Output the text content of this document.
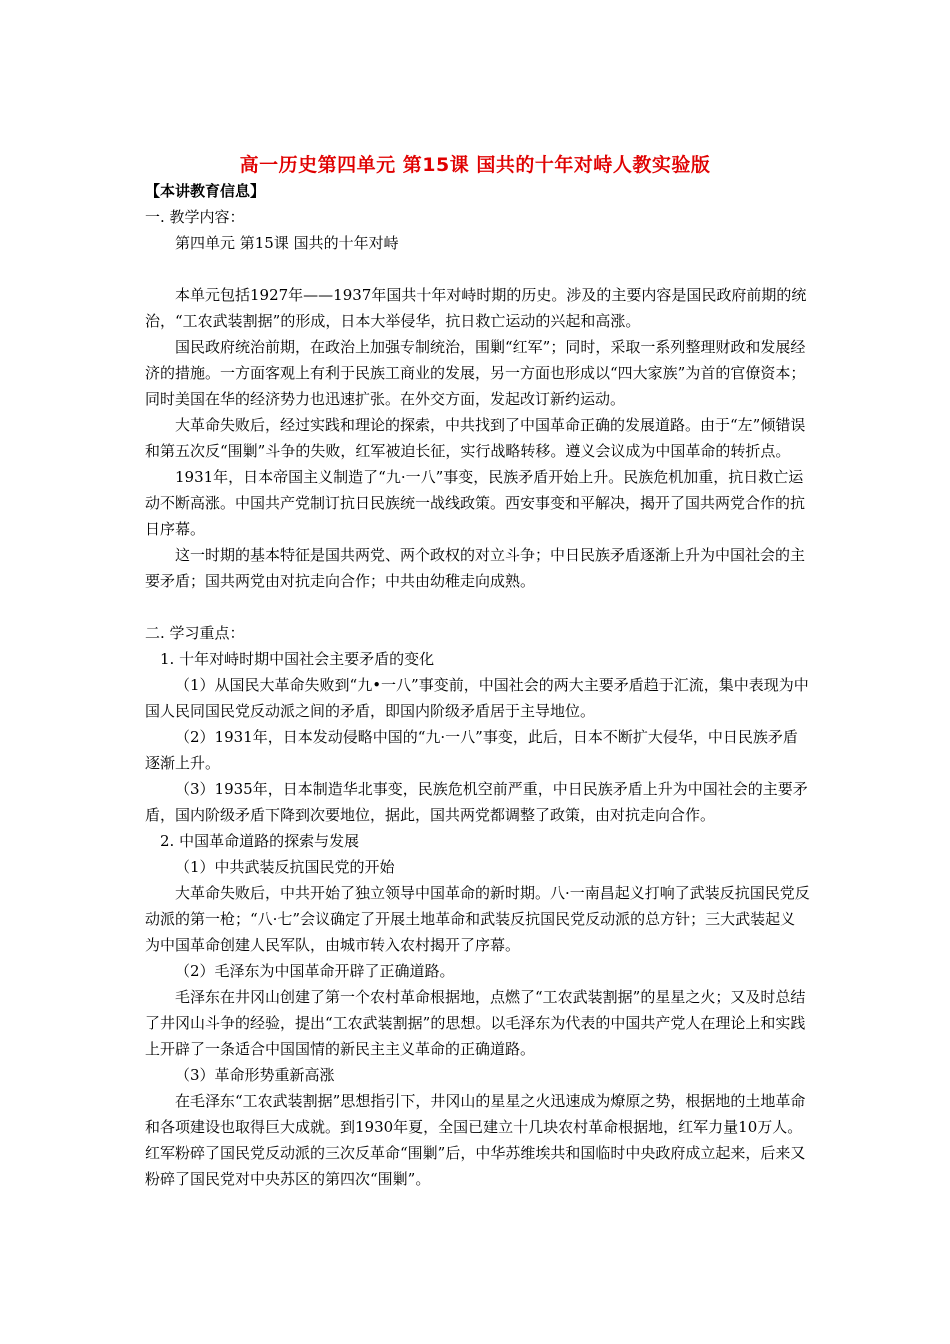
高一历史第四单元 第15课 国共的十年对峙人教实验版

【本讲教育信息】

一. 教学内容：

第四单元 第15课 国共的十年对峙

本单元包括1927年——1937年国共十年对峙时期的历史。涉及的主要内容是国民政府前期的统治，“工农武装割据”的形成，日本大举侵华，抗日救亡运动的兴起和高涨。

国民政府统治前期，在政治上加强专制统治，围剿“红军”；同时，采取一系列整理财政和发展经济的措施。一方面客观上有利于民族工商业的发展，另一方面也形成以“四大家族”为首的官僚资本；同时美国在华的经济势力也迅速扩张。在外交方面，发起改订新约运动。

大革命失败后，经过实践和理论的探索，中共找到了中国革命正确的发展道路。由于“左”倾错误和第五次反“围剿”斗争的失败，红军被迫长征，实行战略转移。遵义会议成为中国革命的转折点。

1931年，日本帝国主义制造了“九·一八”事变，民族矛盾开始上升。民族危机加重，抗日救亡运动不断高涨。中国共产党制订抗日民族统一战线政策。西安事变和平解决，揭开了国共两党合作的抗日序幕。

这一时期的基本特征是国共两党、两个政权的对立斗争；中日民族矛盾逐渐上升为中国社会的主要矛盾；国共两党由对抗走向合作；中共由幼稚走向成熟。

二. 学习重点：

1. 十年对峙时期中国社会主要矛盾的变化

（1）从国民大革命失败到“九•一八”事变前，中国社会的两大主要矛盾趋于汇流，集中表现为中国人民同国民党反动派之间的矛盾，即国内阶级矛盾居于主导地位。

（2）1931年，日本发动侵略中国的“九·一八”事变，此后，日本不断扩大侵华，中日民族矛盾逐渐上升。

（3）1935年，日本制造华北事变，民族危机空前严重，中日民族矛盾上升为中国社会的主要矛盾，国内阶级矛盾下降到次要地位，据此，国共两党都调整了政策，由对抗走向合作。

2. 中国革命道路的探索与发展

（1）中共武装反抗国民党的开始

大革命失败后，中共开始了独立领导中国革命的新时期。八·一南昌起义打响了武装反抗国民党反动派的第一枪；“八·七”会议确定了开展土地革命和武装反抗国民党反动派的总方针；三大武装起义为中国革命创建人民军队，由城市转入农村揭开了序幕。

（2）毛泽东为中国革命开辟了正确道路。

毛泽东在井冈山创建了第一个农村革命根据地，点燃了“工农武装割据”的星星之火；又及时总结了井冈山斗争的经验，提出“工农武装割据”的思想。以毛泽东为代表的中国共产党人在理论上和实践上开辟了一条适合中国国情的新民主主义革命的正确道路。

（3）革命形势重新高涨

在毛泽东“工农武装割据”思想指引下，井冈山的星星之火迅速成为燎原之势，根据地的土地革命和各项建设也取得巨大成就。到1930年夏，全国已建立十几块农村革命根据地，红军力量10万人。红军粉碎了国民党反动派的三次反革命“围剿”后，中华苏维埃共和国临时中央政府成立起来，后来又粉碎了国民党对中央苏区的第四次“围剿”。
